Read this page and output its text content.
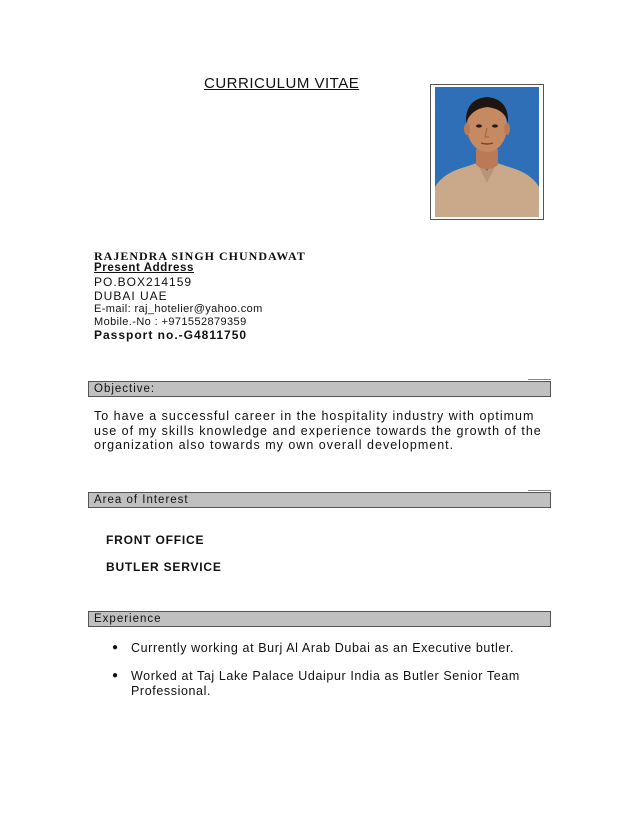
CURRICULUM VITAE
RAJENDRA SINGH CHUNDAWAT
Present Address
PO.BOX214159
DUBAI UAE
E-mail: raj_hotelier@yahoo.com
Mobile.-No : +971552879359
Passport no.-G4811750
Objective:
To have a successful career in the hospitality industry with optimum use of my skills knowledge and experience towards the growth of the organization also towards my own overall development.
Area of Interest
FRONT OFFICE
BUTLER SERVICE
Experience
● Currently working at Burj Al Arab Dubai as an Executive butler.
● Worked at Taj Lake Palace Udaipur India as Butler Senior Team Professional.
